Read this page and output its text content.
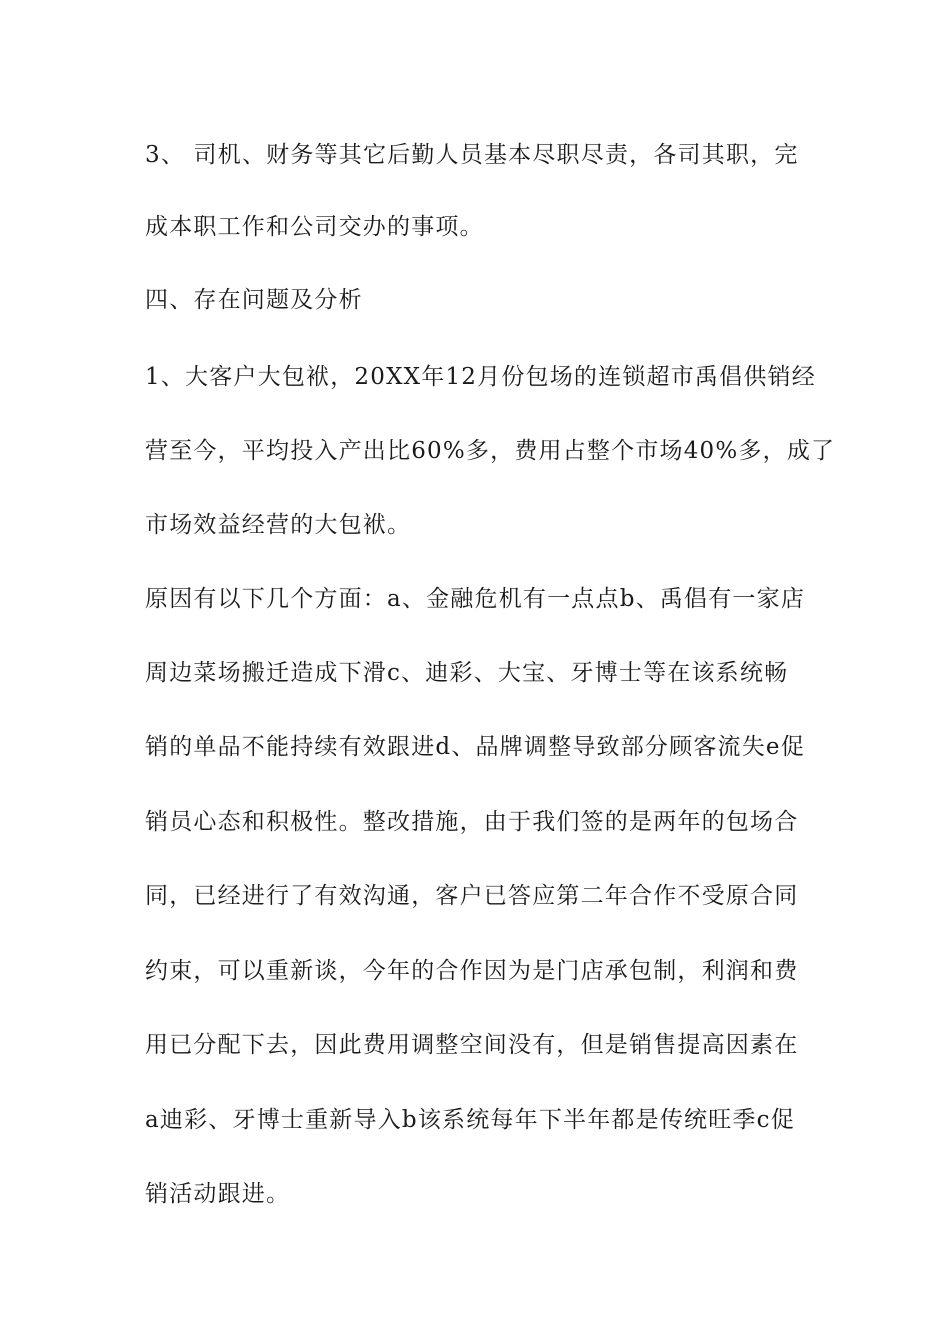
3、 司机、财务等其它后勤人员基本尽职尽责，各司其职，完
成本职工作和公司交办的事项。
四、存在问题及分析
1、大客户大包袱，20XX年12月份包场的连锁超市禹倡供销经
营至今，平均投入产出比60%多，费用占整个市场40%多，成了
市场效益经营的大包袱。
原因有以下几个方面：a、金融危机有一点点b、禹倡有一家店
周边菜场搬迁造成下滑c、迪彩、大宝、牙博士等在该系统畅
销的单品不能持续有效跟进d、品牌调整导致部分顾客流失e促
销员心态和积极性。整改措施，由于我们签的是两年的包场合
同，已经进行了有效沟通，客户已答应第二年合作不受原合同
约束，可以重新谈，今年的合作因为是门店承包制，利润和费
用已分配下去，因此费用调整空间没有，但是销售提高因素在
a迪彩、牙博士重新导入b该系统每年下半年都是传统旺季c促
销活动跟进。
